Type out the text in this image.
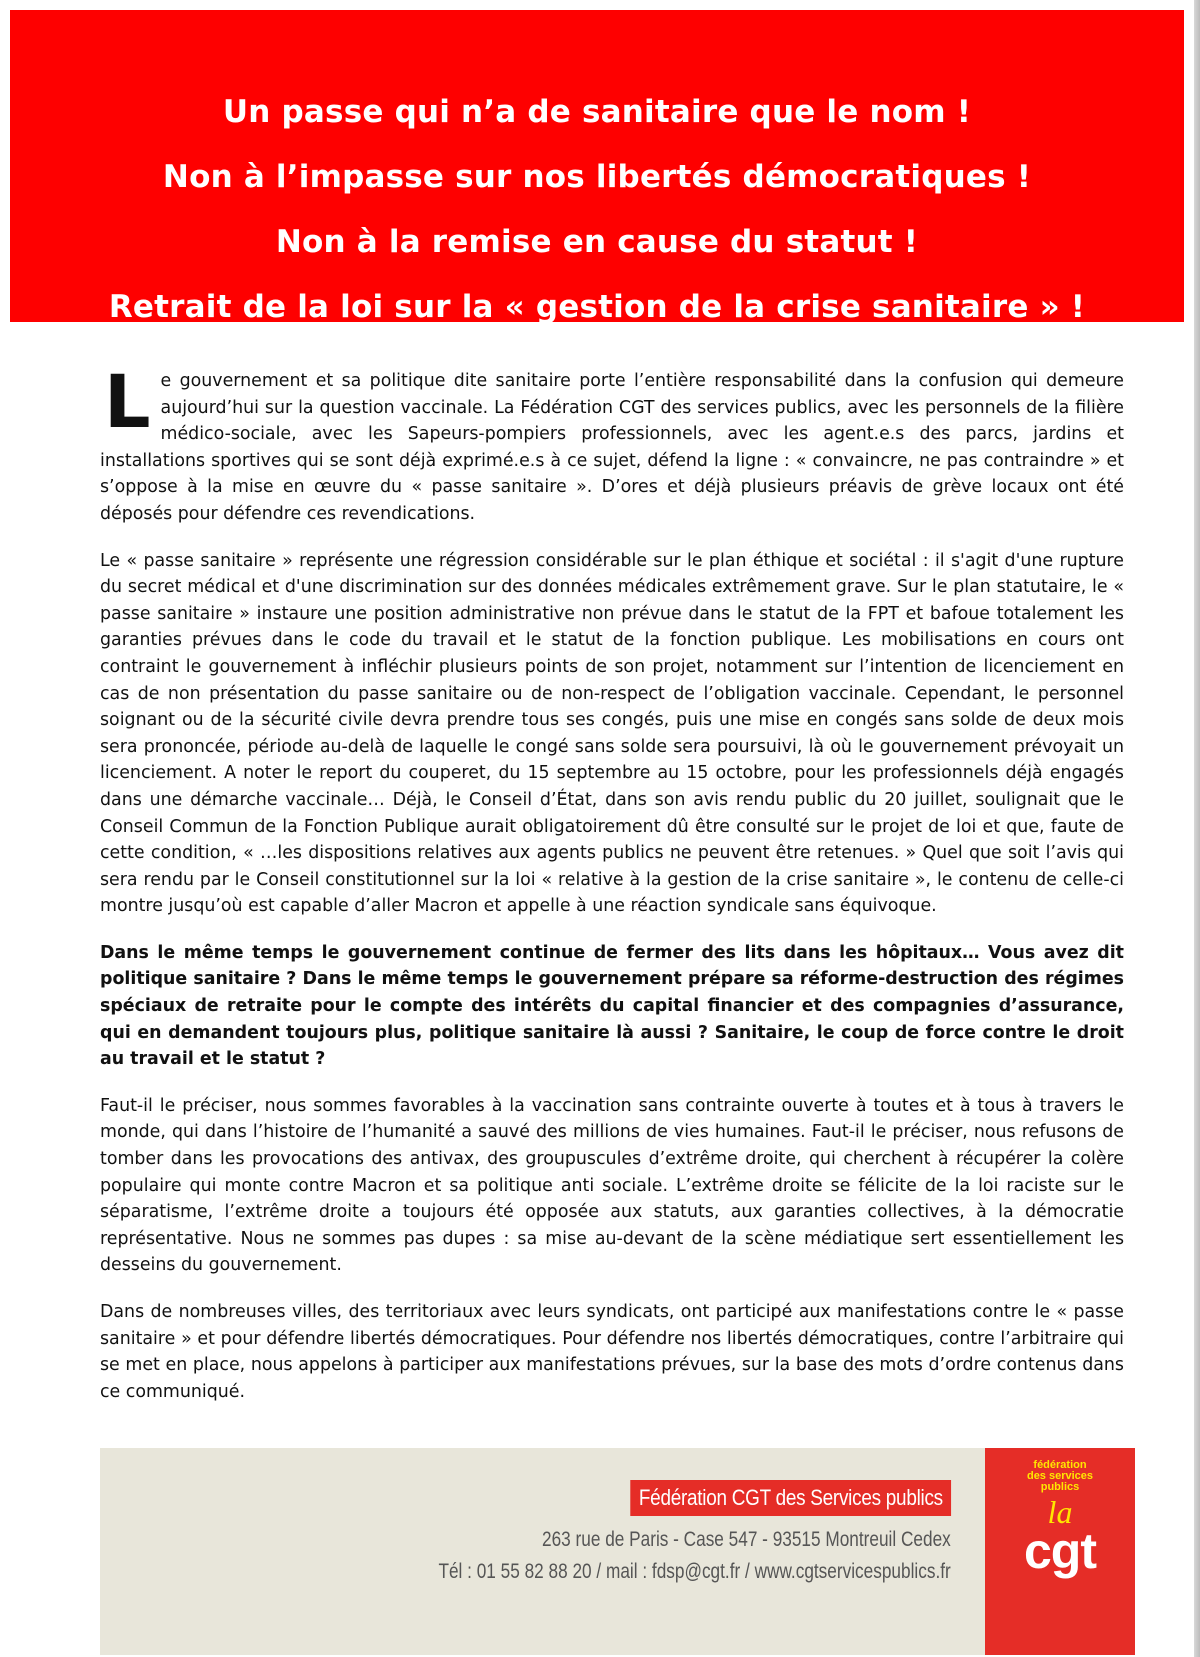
Un passe qui n’a de sanitaire que le nom !

Non à l’impasse sur nos libertés démocratiques !

Non à la remise en cause du statut !

Retrait de la loi sur la « gestion de la crise sanitaire » !

Le gouvernement et sa politique dite sanitaire porte l’entière responsabilité dans la confusion qui demeure aujourd’hui sur la question vaccinale. La Fédération CGT des services publics, avec les personnels de la filière médico-sociale, avec les Sapeurs-pompiers professionnels, avec les agent.e.s des parcs, jardins et installations sportives qui se sont déjà exprimé.e.s à ce sujet, défend la ligne : « convaincre, ne pas contraindre » et s’oppose à la mise en œuvre du « passe sanitaire ». D’ores et déjà plusieurs préavis de grève locaux ont été déposés pour défendre ces revendications.

Le « passe sanitaire » représente une régression considérable sur le plan éthique et sociétal : il s'agit d'une rupture du secret médical et d'une discrimination sur des données médicales extrêmement grave. Sur le plan statutaire, le « passe sanitaire » instaure une position administrative non prévue dans le statut de la FPT et bafoue totalement les garanties prévues dans le code du travail et le statut de la fonction publique. Les mobilisations en cours ont contraint le gouvernement à infléchir plusieurs points de son projet, notamment sur l’intention de licenciement en cas de non présentation du passe sanitaire ou de non-respect de l’obligation vaccinale. Cependant, le personnel soignant ou de la sécurité civile devra prendre tous ses congés, puis une mise en congés sans solde de deux mois sera prononcée, période au-delà de laquelle le congé sans solde sera poursuivi, là où le gouvernement prévoyait un licenciement. A noter le report du couperet, du 15 septembre au 15 octobre, pour les professionnels déjà engagés dans une démarche vaccinale… Déjà, le Conseil d’État, dans son avis rendu public du 20 juillet, soulignait que le Conseil Commun de la Fonction Publique aurait obligatoirement dû être consulté sur le projet de loi et que, faute de cette condition, « …les dispositions relatives aux agents publics ne peuvent être retenues. » Quel que soit l’avis qui sera rendu par le Conseil constitutionnel sur la loi « relative à la gestion de la crise sanitaire », le contenu de celle-ci montre jusqu’où est capable d’aller Macron et appelle à une réaction syndicale sans équivoque.

Dans le même temps le gouvernement continue de fermer des lits dans les hôpitaux… Vous avez dit politique sanitaire ? Dans le même temps le gouvernement prépare sa réforme-destruction des régimes spéciaux de retraite pour le compte des intérêts du capital financier et des compagnies d’assurance, qui en demandent toujours plus, politique sanitaire là aussi ? Sanitaire, le coup de force contre le droit au travail et le statut ?

Faut-il le préciser, nous sommes favorables à la vaccination sans contrainte ouverte à toutes et à tous à travers le monde, qui dans l’histoire de l’humanité a sauvé des millions de vies humaines. Faut-il le préciser, nous refusons de tomber dans les provocations des antivax, des groupuscules d’extrême droite, qui cherchent à récupérer la colère populaire qui monte contre Macron et sa politique anti sociale. L’extrême droite se félicite de la loi raciste sur le séparatisme, l’extrême droite a toujours été opposée aux statuts, aux garanties collectives, à la démocratie représentative. Nous ne sommes pas dupes : sa mise au-devant de la scène médiatique sert essentiellement les desseins du gouvernement.

Dans de nombreuses villes, des territoriaux avec leurs syndicats, ont participé aux manifestations contre le « passe sanitaire » et pour défendre libertés démocratiques. Pour défendre nos libertés démocratiques, contre l’arbitraire qui se met en place, nous appelons à participer aux manifestations prévues, sur la base des mots d’ordre contenus dans ce communiqué.

Fédération CGT des Services publics
263 rue de Paris - Case 547 - 93515 Montreuil Cedex
Tél : 01 55 82 88 20 / mail : fdsp@cgt.fr / www.cgtservicespublics.fr
fédération
des services
publics
la
cgt
